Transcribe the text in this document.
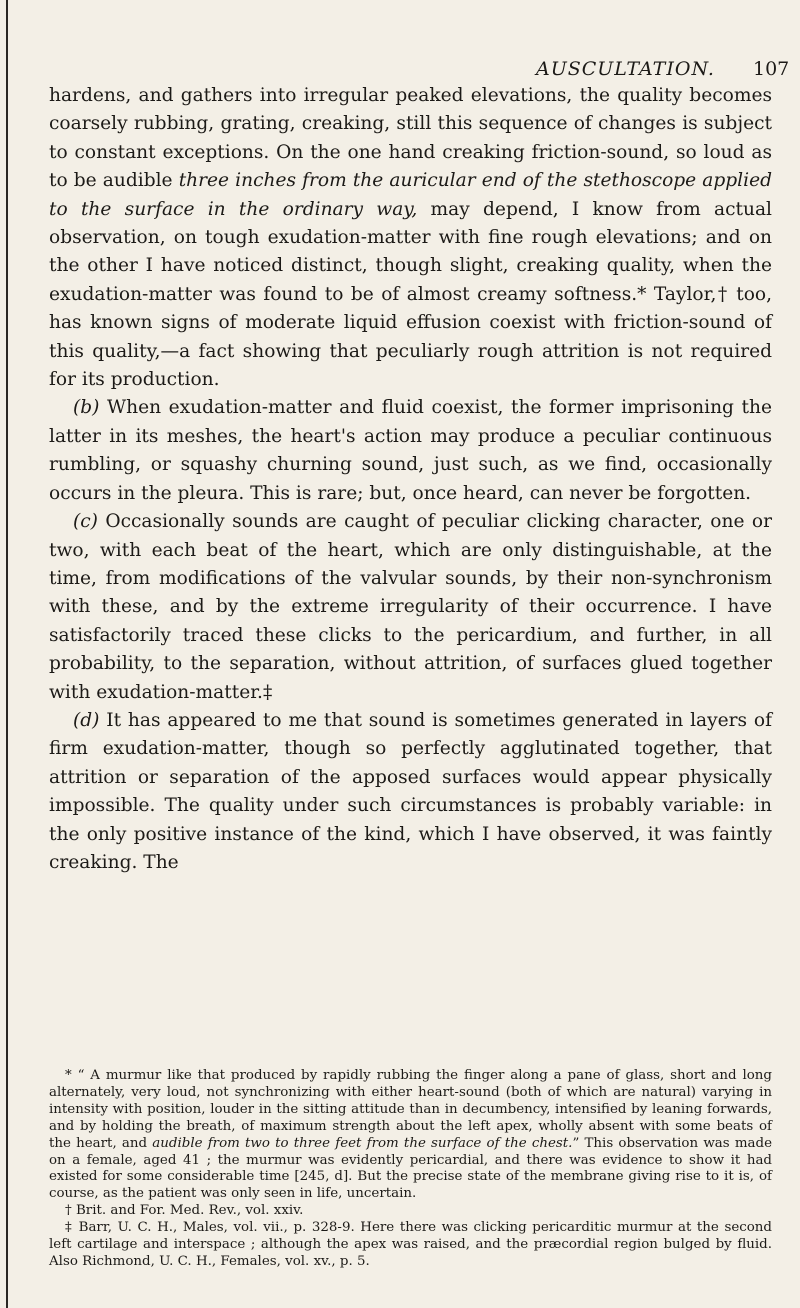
AUSCULTATION. 107

hardens, and gathers into irregular peaked elevations, the quality becomes coarsely rubbing, grating, creaking, still this sequence of changes is subject to constant exceptions. On the one hand creaking friction-sound, so loud as to be audible three inches from the auricular end of the stethoscope applied to the surface in the ordinary way, may depend, I know from actual observation, on tough exudation-matter with fine rough elevations; and on the other I have noticed distinct, though slight, creaking quality, when the exudation-matter was found to be of almost creamy softness.* Taylor,† too, has known signs of moderate liquid effusion coexist with friction-sound of this quality,—a fact showing that peculiarly rough attrition is not required for its production.

(b) When exudation-matter and fluid coexist, the former imprisoning the latter in its meshes, the heart's action may produce a peculiar continuous rumbling, or squashy churning sound, just such, as we find, occasionally occurs in the pleura. This is rare; but, once heard, can never be forgotten.

(c) Occasionally sounds are caught of peculiar clicking character, one or two, with each beat of the heart, which are only distinguishable, at the time, from modifications of the valvular sounds, by their non-synchronism with these, and by the extreme irregularity of their occurrence. I have satisfactorily traced these clicks to the pericardium, and further, in all probability, to the separation, without attrition, of surfaces glued together with exudation-matter.‡

(d) It has appeared to me that sound is sometimes generated in layers of firm exudation-matter, though so perfectly agglutinated together, that attrition or separation of the apposed surfaces would appear physically impossible. The quality under such circumstances is probably variable: in the only positive instance of the kind, which I have observed, it was faintly creaking. The

* “ A murmur like that produced by rapidly rubbing the finger along a pane of glass, short and long alternately, very loud, not synchronizing with either heart-sound (both of which are natural) varying in intensity with position, louder in the sitting attitude than in decumbency, intensified by leaning forwards, and by holding the breath, of maximum strength about the left apex, wholly absent with some beats of the heart, and audible from two to three feet from the surface of the chest.” This observation was made on a female, aged 41 ; the murmur was evidently pericardial, and there was evidence to show it had existed for some considerable time [245, d]. But the precise state of the membrane giving rise to it is, of course, as the patient was only seen in life, uncertain.

† Brit. and For. Med. Rev., vol. xxiv.

‡ Barr, U. C. H., Males, vol. vii., p. 328-9. Here there was clicking pericarditic murmur at the second left cartilage and interspace ; although the apex was raised, and the præcordial region bulged by fluid. Also Richmond, U. C. H., Females, vol. xv., p. 5.
